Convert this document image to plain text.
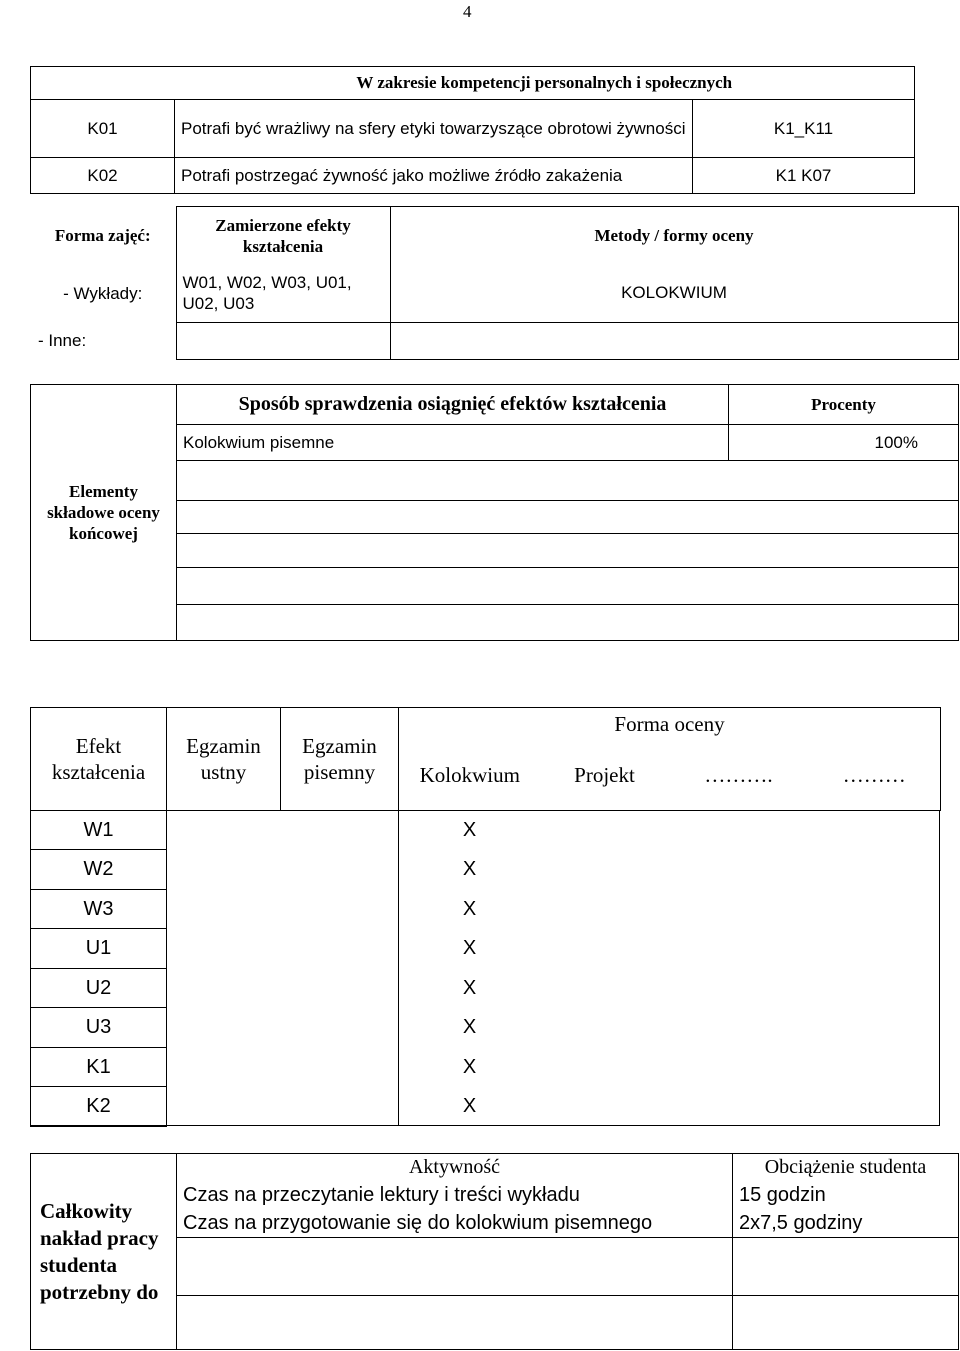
4
	W zakresie kompetencji personalnych i społecznych	
K01	Potrafi być wrażliwy na sfery etyki towarzyszące obrotowi żywności	K1_K11
K02	Potrafi postrzegać żywność jako możliwe źródło zakażenia	K1 K07
Forma zajęć:	Zamierzone efekty kształcenia	Metody / formy oceny
- Wykłady:	W01, W02, W03, U01, U02, U03	KOLOKWIUM
- Inne:		
Elementy składowe oceny końcowej	Sposób sprawdzenia osiągnięć efektów kształcenia	Procenty
	Kolokwium pisemne	100%

Efekt kształcenia	Egzamin ustny	Egzamin pisemny	Forma oceny			
			Kolokwium	Projekt	……….	………
W1			X			
W2			X			
W3			X			
U1			X			
U2			X			
U3			X			
K1			X			
K2			X			
Całkowity nakład pracy studenta potrzebny do	Aktywność	Obciążenie studenta
	Czas na przeczytanie lektury i treści wykładu	15 godzin
	Czas na przygotowanie się do kolokwium pisemnego	2x7,5 godziny
